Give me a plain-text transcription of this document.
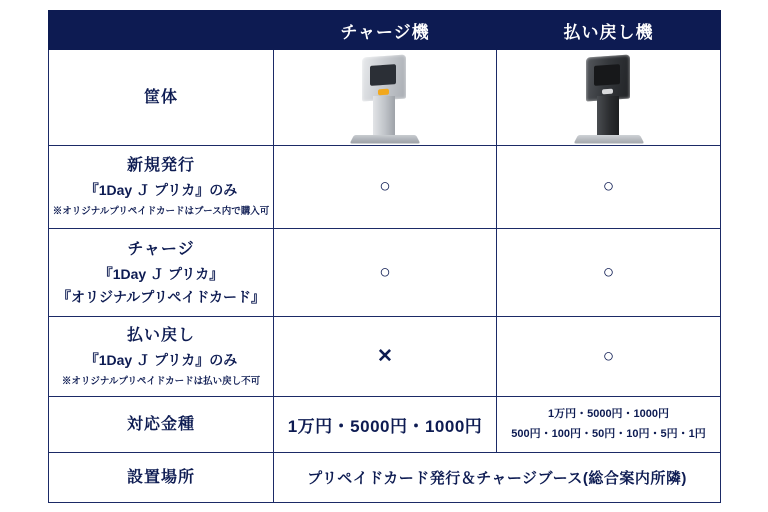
	チャージ機	払い戻し機

筐体		

新規発行
『1Day Ｊ プリカ』のみ
※オリジナルプリペイドカードはブース内で購入可	○	○

チャージ
『1Day Ｊ プリカ』
『オリジナルプリペイドカード』	○	○

払い戻し
『1Day Ｊ プリカ』のみ
※オリジナルプリペイドカードは払い戻し不可	✕	○

対応金種	1万円・5000円・1000円	1万円・5000円・1000円
500円・100円・50円・10円・5円・1円

設置場所	プリペイドカード発行＆チャージブース(総合案内所隣)	
